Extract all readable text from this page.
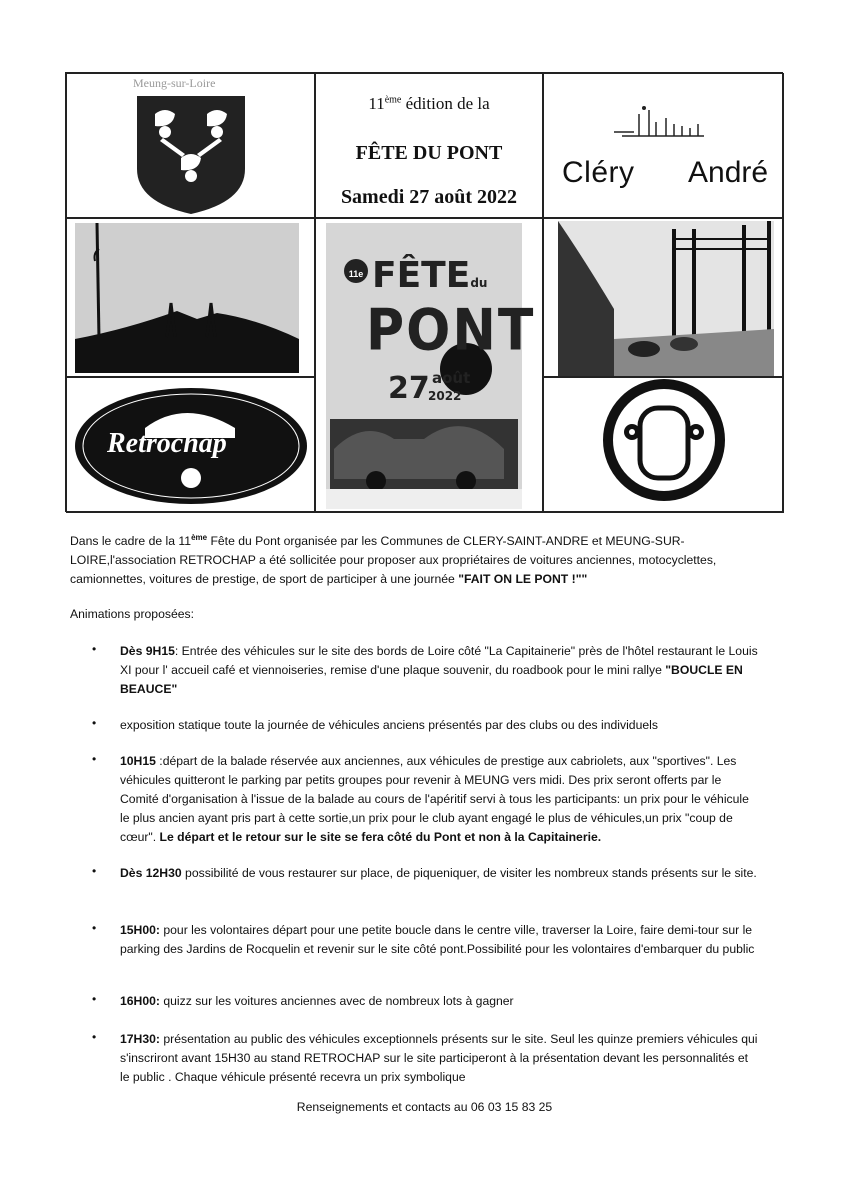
Meung-sur-Loire
11ème édition de la
FÊTE DU PONT
Samedi 27 août 2022
Cléry André
11e FÊTEdu
PONT
27 août
2022
Retrochap
Dans le cadre de la 11ème Fête du Pont organisée par les Communes de CLERY-SAINT-ANDRE et MEUNG-SUR-LOIRE,l'association RETROCHAP a été sollicitée pour proposer aux propriétaires de voitures anciennes, motocyclettes, camionnettes, voitures de prestige, de sport de participer à une journée "FAIT ON LE PONT !""
Animations proposées:
• Dès 9H15: Entrée des véhicules sur le site des bords de Loire côté "La Capitainerie" près de l'hôtel restaurant le Louis XI pour l' accueil café et viennoiseries, remise d'une plaque souvenir, du roadbook pour le mini rallye "BOUCLE EN BEAUCE"
• exposition statique toute la journée de véhicules anciens présentés par des clubs ou des individuels
• 10H15 :départ de la balade réservée aux anciennes, aux véhicules de prestige aux cabriolets, aux "sportives". Les véhicules quitteront le parking par petits groupes pour revenir à MEUNG vers midi. Des prix seront offerts par le Comité d'organisation à l'issue de la balade au cours de l'apéritif servi à tous les participants: un prix pour le véhicule le plus ancien ayant pris part à cette sortie,un prix pour le club ayant engagé le plus de véhicules,un prix "coup de cœur". Le départ et le retour sur le site se fera côté du Pont et non à la Capitainerie.
• Dès 12H30 possibilité de vous restaurer sur place, de piqueniquer, de visiter les nombreux stands présents sur le site.
• 15H00: pour les volontaires départ pour une petite boucle dans le centre ville, traverser la Loire, faire demi-tour sur le parking des Jardins de Rocquelin et revenir sur le site côté pont.Possibilité pour les volontaires d'embarquer du public
• 16H00: quizz sur les voitures anciennes avec de nombreux lots à gagner
• 17H30: présentation au public des véhicules exceptionnels présents sur le site. Seul les quinze premiers véhicules qui s'inscriront avant 15H30 au stand RETROCHAP sur le site participeront à la présentation devant les personnalités et le public . Chaque véhicule présenté recevra un prix symbolique
Renseignements et contacts au 06 03 15 83 25
